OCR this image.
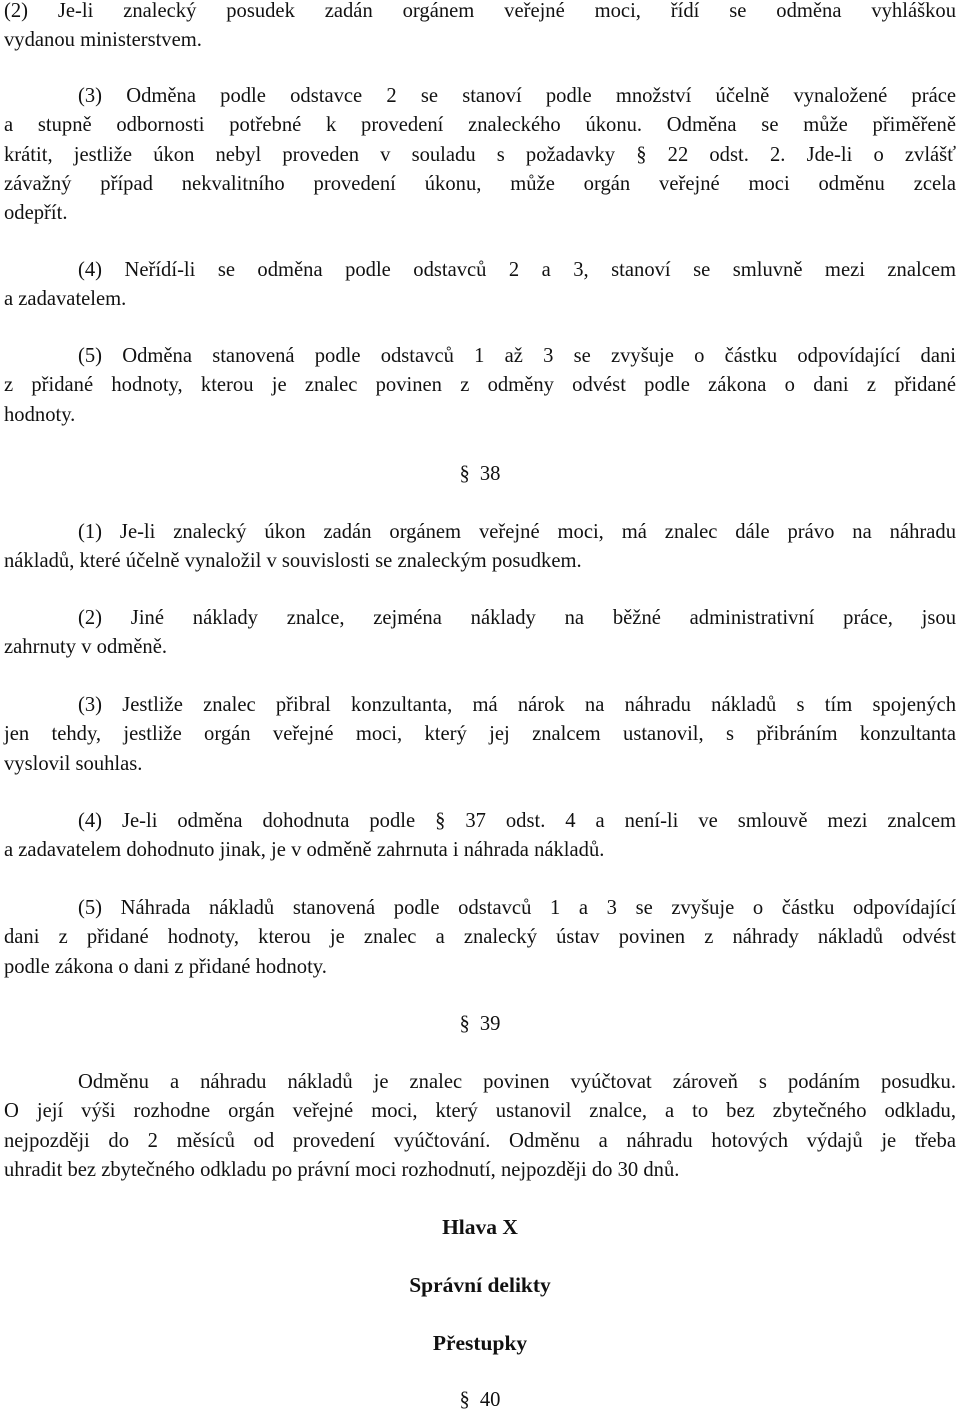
(2) Je-li znalecký posudek zadán orgánem veřejné moci, řídí se odměna vyhláškou
vydanou ministerstvem.
(3) Odměna podle odstavce 2 se stanoví podle množství účelně vynaložené práce
a stupně odbornosti potřebné k provedení znaleckého úkonu. Odměna se může přiměřeně
krátit, jestliže úkon nebyl proveden v souladu s požadavky § 22 odst. 2. Jde-li o zvlášť
závažný případ nekvalitního provedení úkonu, může orgán veřejné moci odměnu zcela
odepřít.
(4) Neřídí-li se odměna podle odstavců 2 a 3, stanoví se smluvně mezi znalcem
a zadavatelem.
(5) Odměna stanovená podle odstavců 1 až 3 se zvyšuje o částku odpovídající dani
z přidané hodnoty, kterou je znalec povinen z odměny odvést podle zákona o dani z přidané
hodnoty.
§ 38
(1) Je-li znalecký úkon zadán orgánem veřejné moci, má znalec dále právo na náhradu
nákladů, které účelně vynaložil v souvislosti se znaleckým posudkem.
(2) Jiné náklady znalce, zejména náklady na běžné administrativní práce, jsou
zahrnuty v odměně.
(3) Jestliže znalec přibral konzultanta, má nárok na náhradu nákladů s tím spojených
jen tehdy, jestliže orgán veřejné moci, který jej znalcem ustanovil, s přibráním konzultanta
vyslovil souhlas.
(4) Je-li odměna dohodnuta podle § 37 odst. 4 a není-li ve smlouvě mezi znalcem
a zadavatelem dohodnuto jinak, je v odměně zahrnuta i náhrada nákladů.
(5) Náhrada nákladů stanovená podle odstavců 1 a 3 se zvyšuje o částku odpovídající
dani z přidané hodnoty, kterou je znalec a znalecký ústav povinen z náhrady nákladů odvést
podle zákona o dani z přidané hodnoty.
§ 39
Odměnu a náhradu nákladů je znalec povinen vyúčtovat zároveň s podáním posudku.
O její výši rozhodne orgán veřejné moci, který ustanovil znalce, a to bez zbytečného odkladu,
nejpozději do 2 měsíců od provedení vyúčtování. Odměnu a náhradu hotových výdajů je třeba
uhradit bez zbytečného odkladu po právní moci rozhodnutí, nejpozději do 30 dnů.
Hlava X
Správní delikty
Přestupky
§ 40
